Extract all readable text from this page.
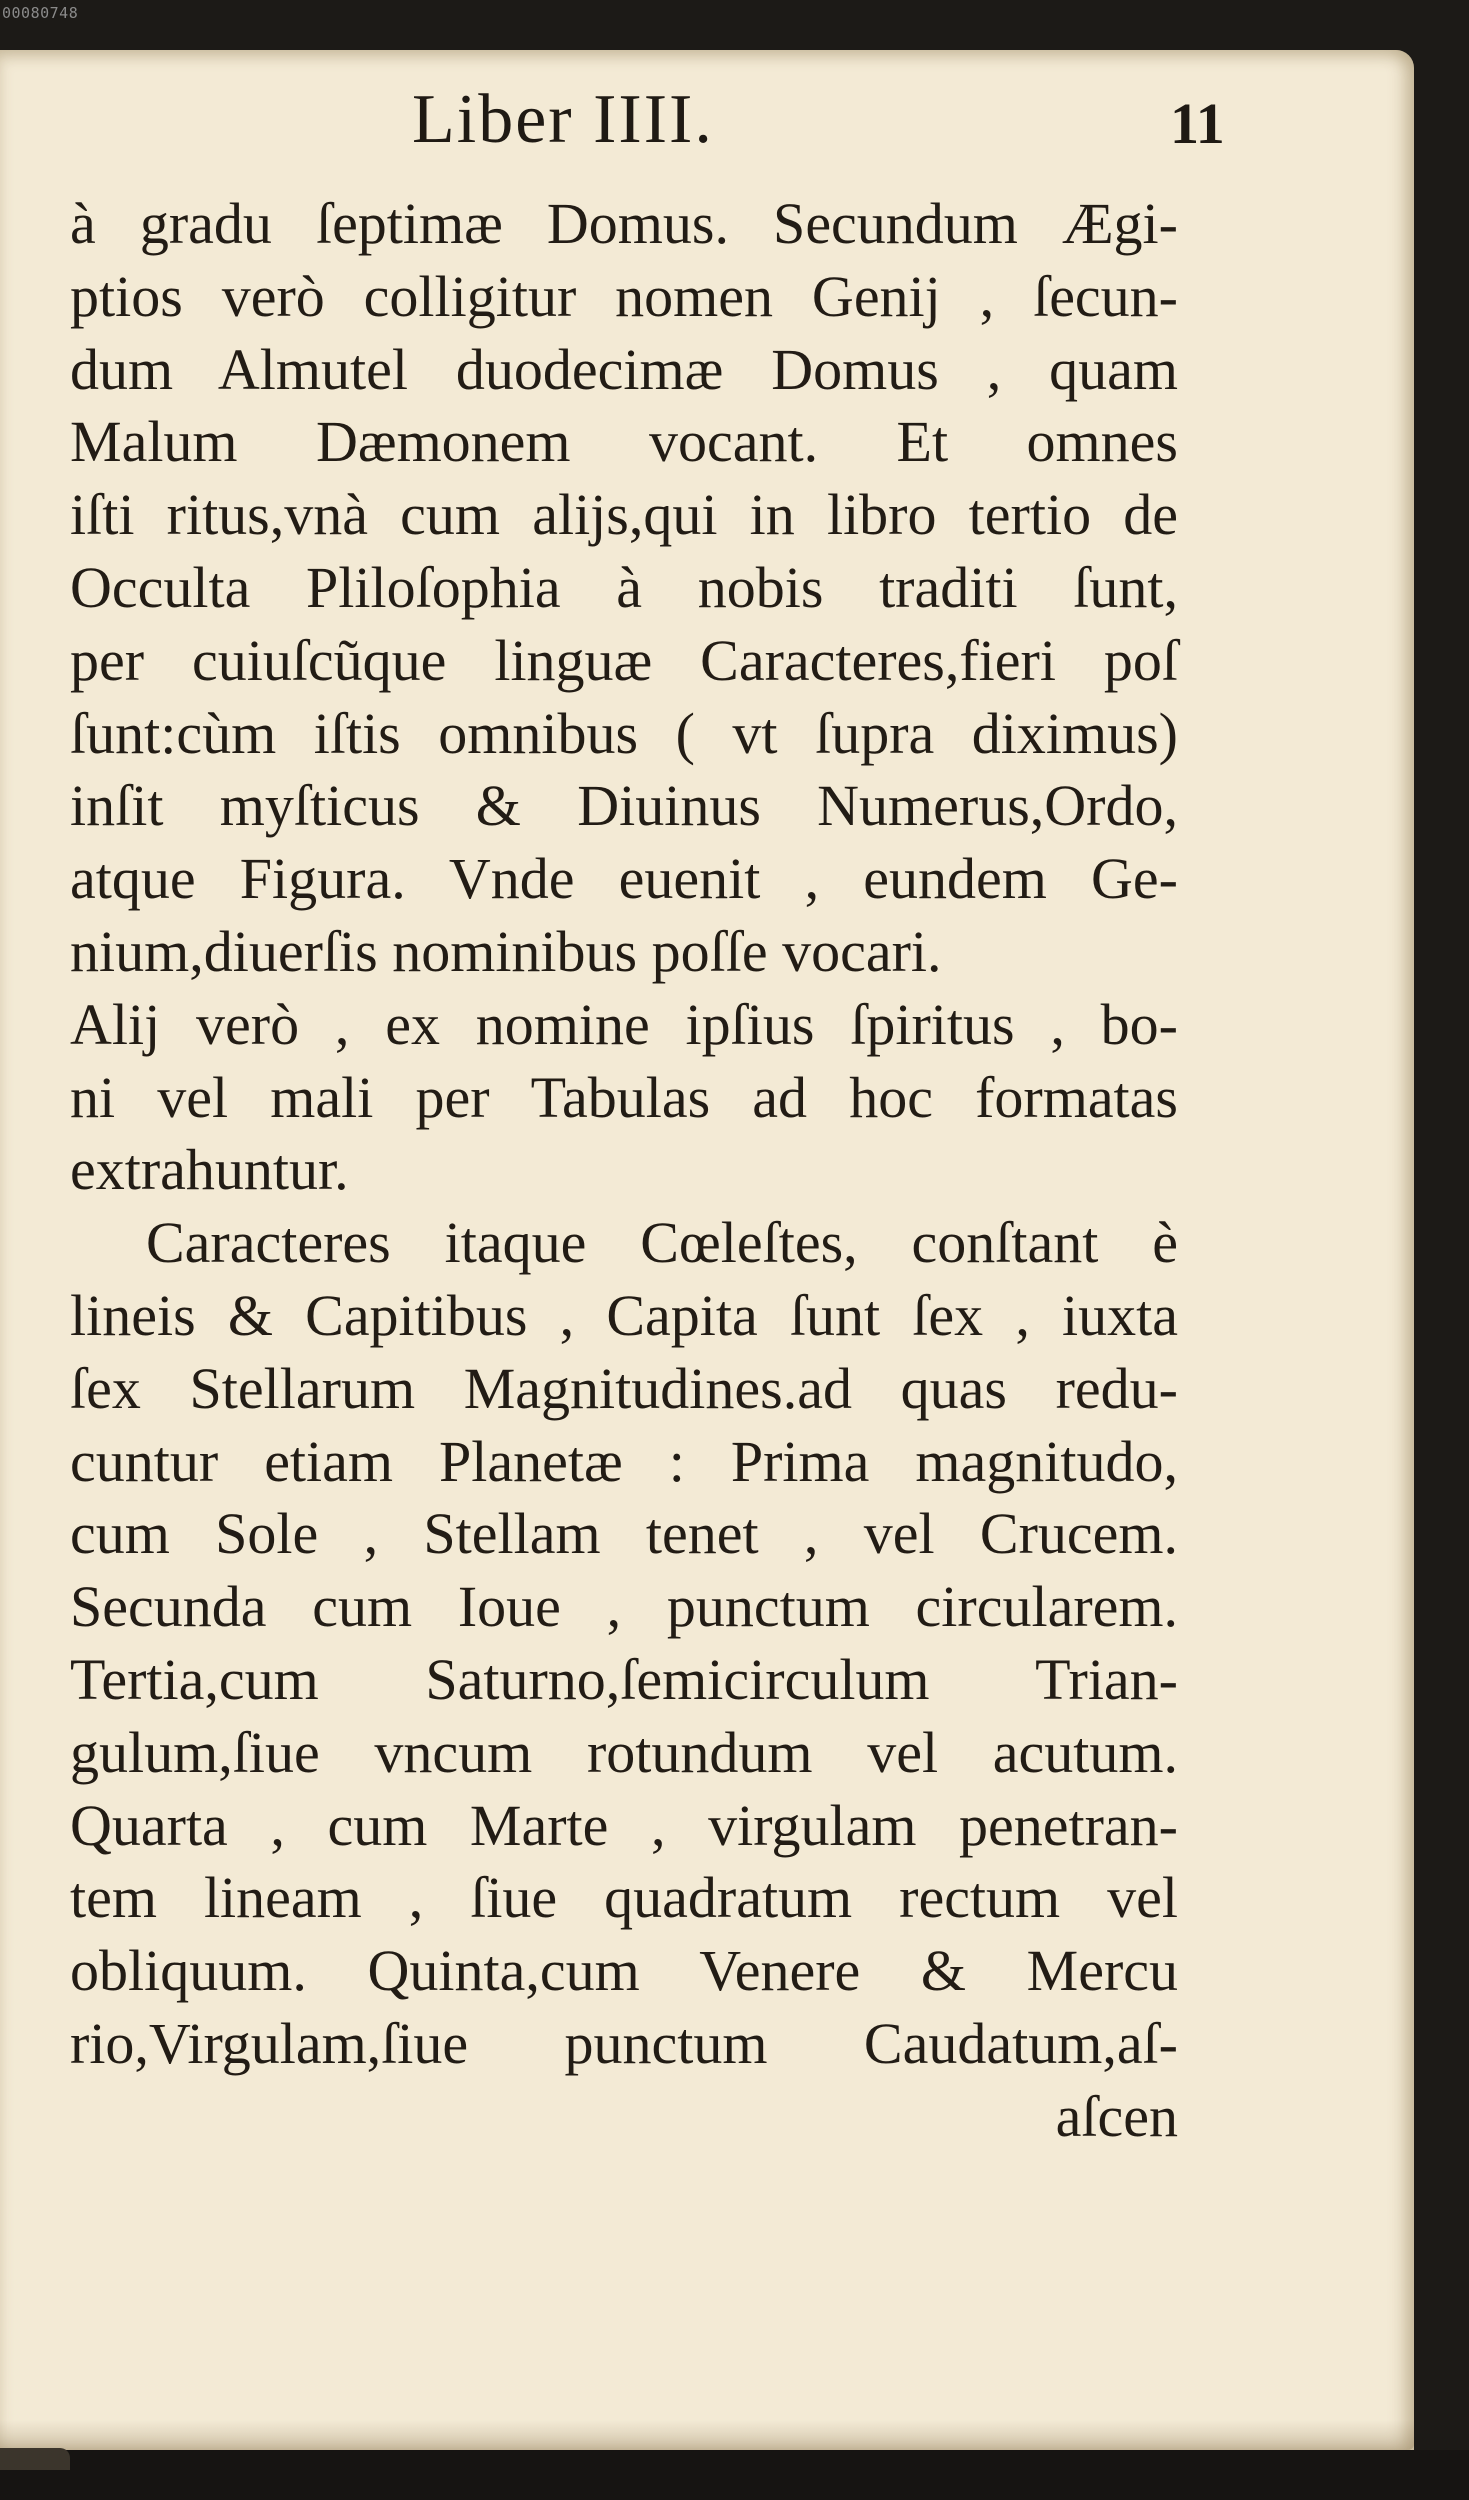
00080748
Liber IIII.	11
à gradu ſeptimæ Domus. Secundum Ægi-
ptios verò colligitur nomen Genij , ſecun-
dum Almutel duodecimæ Domus , quam
Malum Dæmonem vocant. Et omnes
iſti ritus,vnà cum alijs,qui in libro tertio de
Occulta Pliloſophia à nobis traditi ſunt,
per cuiuſcũque linguæ Caracteres,fieri poſ
ſunt:cùm iſtis omnibus ( vt ſupra diximus)
inſit myſticus & Diuinus Numerus,Ordo,
atque Figura. Vnde euenit , eundem Ge-
nium,diuerſis nominibus poſſe vocari.
Alij verò , ex nomine ipſius ſpiritus , bo-
ni vel mali per Tabulas ad hoc formatas
extrahuntur.
Caracteres itaque Cœleſtes, conſtant è
lineis & Capitibus , Capita ſunt ſex , iuxta
ſex Stellarum Magnitudines.ad quas redu-
cuntur etiam Planetæ : Prima magnitudo,
cum Sole , Stellam tenet , vel Crucem.
Secunda cum Ioue , punctum circularem.
Tertia,cum Saturno,ſemicirculum Trian-
gulum,ſiue vncum rotundum vel acutum.
Quarta , cum Marte , virgulam penetran-
tem lineam , ſiue quadratum rectum vel
obliquum. Quinta,cum Venere & Mercu
rio,Virgulam,ſiue punctum Caudatum,aſ-
aſcen
